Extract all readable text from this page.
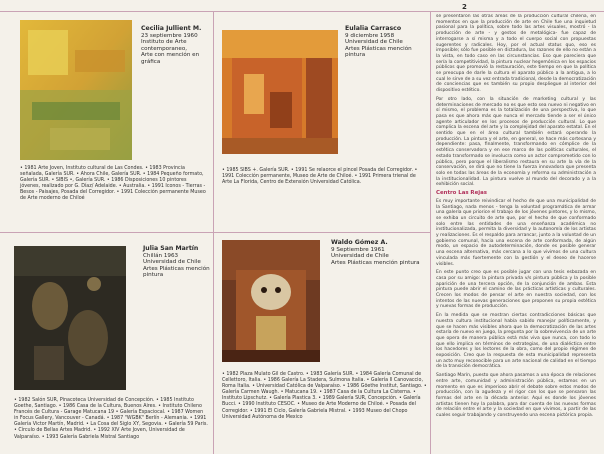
2
Cecilia Jullient M.
23 septiembre 1960
Instituto de Arte contemporaneo,
Arte con mención en gráfica
• 1981 Arte Joven, Instituto cultural de Las Condes. • 1983 Provincia señalada, Galería SUR. • Ahora Chile, Galería SUR. • 1984 Pequeño formato, Galería SUR. • SIBIS •, Galería SUR. • 1986 Disposiciones 10 pintores jóvenes, realizado por G. Díaz/ Adelaide. • Australia. • 1991 Iconos - Tierras - Besos - Paisajes, Posada del Corregidor. • 1991 Colección permanente Museo de Arte moderno de Chiloé
Eulalia Carrasco
9 diciembre 1958
Universidad de Chile
Artes Plásticas mención pintura
• 1985 SIBS +. Galería SUR. • 1991 Se relaorce el pincel Posada del Corregidor. • 1991 Colección permanente, Museo de Arte de Chiloé. • 1991 Primera trienal de Arte La Florida, Centro de Extensión Universidad Católica.
Julia San Martín
Chillán 1963
Universidad de Chile
Artes Plásticas mención pintura
• 1982 Salón SUR, Pinacoteca Universidad de Concepción. • 1985 Instituto Goethe, Santiago. • 1986 Casa de la Cultura, Buenos Aires. • Instituto Chileno Francés de Cultura - Garage Matucana 19 • Galería Espaciocal. • 1987 Women in Focus Gallery, Vancouver - Canadá. • 1987 "WGBK" Berlín - Alemania. • 1991 Galería Victor Martín, Madrid. • La Cosa del Siglo XY, Segovia. • Galería 59 Paris. • Círculo de Bellas Artes Madrid. • 1992 XIV Arte Joven, Universidad de Valparaíso. • 1993 Galería Gabriela Mistral Santiago
Waldo Gómez A.
9 Septiembre 1961
Universidad de Chile
Artes Plásticas mención pintura
• 1982 Plaza Mulato Gil de Castro. • 1983 Galería SUR. • 1984 Galería Comunal de Cellettoro, Italia. • 1986 Galería La Stadera, Sulmona Italia. • Galería Il Canovaccio, Roma Italia. • Universidad Católica de Valparaíso. • 1986 Göethe Institut, Santiago. • Galería Carmen Waugh. • Matucana 19. • 1987 Casa de la Cultura La Cisterna. • Instituto Lipschutz. • Galería Plastica 3. • 1989 Galería SUR, Concepción. • Galería Bucci. • 1990 Instituto CESOC. • Museo de Arte Moderno de Chiloé. • Posada del Corregidor. • 1991 El Ciclo, Galería Gabriela Mistral. • 1993 Museo del Chopo Universidad Autónoma de Mexico

se presentaron las otras áreas de la producción cultural chilena, en momentos en que la producción de arte en Chile fue una inquietud pasional para la política, sobre todo las artes visuales, mostró - la producción de arte - y gestos de metalógica- fue capaz de interrogarse a sí misma y a todo el cuerpo social con propuestas sugerentes y radicales. Hoy, por el actual status quo, eso es imposible; sólo fue posible en dictadura, las razones de ello no están a la vista, en todo caso en las circunstancias. Eso que pareciera que sería la competitividad, la pintura nuclear hegemónica en los espacios públicos que promovió la restauración, este tiempo en que la política se preocupa de darle la cultura el aparato público a la antigua, a lo cual le sirve de a su vez entrada tradicional, desde la democratización de conciencias que es también su propio despliegue al interior del dispositivo estético.

Por otro lado, con la situación de marketing cultural y las determinaciones de mercado no es que esto sea nuevo ni negativo en sí mismo, el problema es la totalización de una perspectiva, lo que pasa es que ahora más que nunca el mercado tiende a ser el único agente articulador en los procesos de producción cultural. Lo que complica la escena del arte y la complejidad del aparato estatal. En el sentido que en el área cultural también estará operando la producción. La pintura y el arte, en general, se hace más cortesana y dependiente: pasa, finalmente, transformando en cómplice de la estética conservadora y en ese marco de las políticas culturales, el estado transformado se involucra como un actor comprometido con lo público, pero porque el liberalismo restaura en su arte la vía de la conservación, se dirá que no tiene la fuerza innovadora que presenta solo en todas las áreas de la economía y reforma su administración a la institucionalidad. La pintura vuelve al mundo del decorado y a la exhibición social.

Centro Las Rejas

Es muy importante reivindicar el hecho de que una municipalidad de la Santiago, nada menos - tenga la voluntad programática de armar una galería que priorice el trabajo de los jóvenes pintores, y lo mismo, se exhiba un circuito de arte que, por el hecho de que conformado solo entre las entidades de una enseñanza académica no institucionalizada, permita la diversidad y la autonomía de los artistas y realizaciones. Es el respaldo para arrancar, junto a la voluntad de un gobierno comunal, hacia una escena de arte conformada, de algún modo, un espacio de autodeterminación, donde es posible generar una escena alternativa, más cercana a lo que vivimos de una cultura vinculada más fuertemente con la gestión y el deseo de hacerse visibles.

En este punto creo que es posible jugar con una tesis esbozada en casa por su amigo: la pintura privada v/s pintura pública y la posible aparición de una tercera opción, de la conjunción de ambas. Esta pintura puede abrir el camino de las prácticas artísticas y culturales. Crecen los modos de pensar el arte en nuestra sociedad, con los intentos de las nuevas generaciones que proponen su propia estética y nuevas formas de producción.

En la medida que se mostran ciertas contradicciones básicas que nuestra cultura institucional había sabido manejar políticamente, y que se hacen más visibles ahora que la democratización de las artes estaría de nuevo en juego, la pregunta por la sobrevivencia de un arte que opera de manera pública está más viva que nunca, con todo lo que ello implica en términos de estrategias, de una dialéctica entre los hacedores y los lectores de la obra, como del propio régimen de exposición. Creo que la respuesta de esta municipalidad representa un acto muy reconocible para un arte nacional de calidad en el tiempo de la transición democrática.

Santiago Marín, puesto que ahora pasamos a una época de relaciones entre arte, comunidad y administración pública, estamos en un momento en que es imperioso abrir el debate sobre estos modos de producción, con la agudeza y el rigor con los que se pensaron las formas del arte en la década anterior. Aquí es donde los jóvenes artistas tienen hoy la palabra, para dar cuenta de las nuevas formas de relación entre el arte y la sociedad en que vivimos, a partir de las cuales seguir trabajando y construyendo una escena pictórica propia.
